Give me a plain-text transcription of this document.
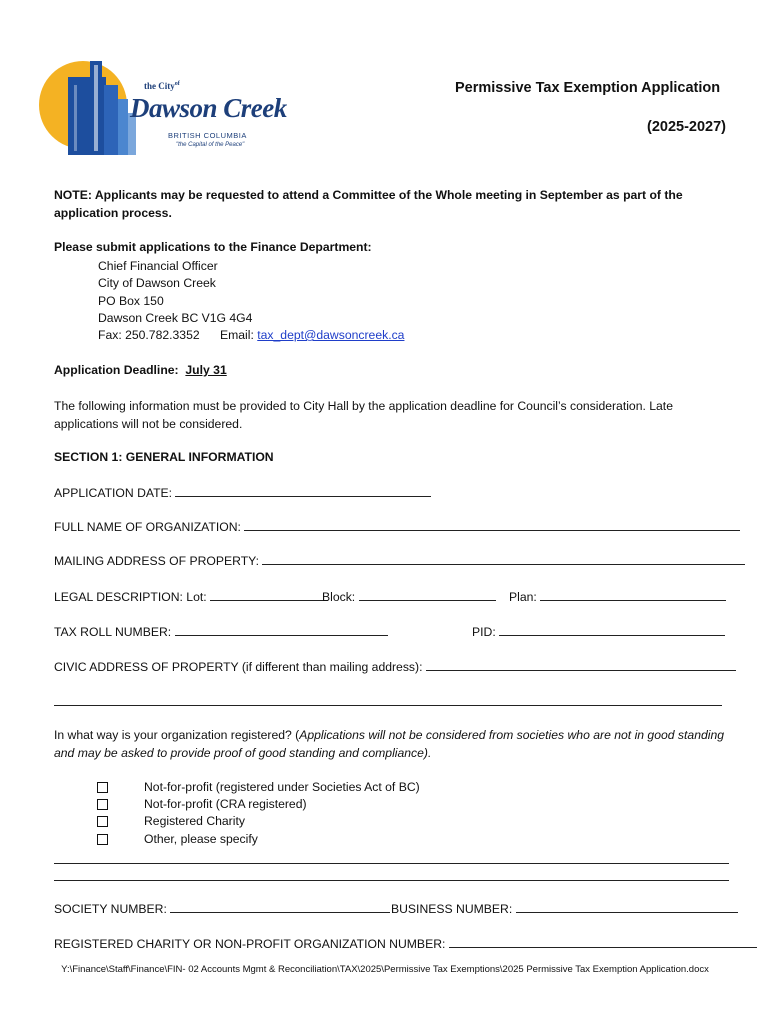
the City$^{of}$
Dawson Creek
BRITISH COLUMBIA
"the Capital of the Peace"
Permissive Tax Exemption Application
(2025-2027)
NOTE: Applicants may be requested to attend a Committee of the Whole meeting in September as part of the application process.
Please submit applications to the Finance Department:
Chief Financial Officer
City of Dawson Creek
PO Box 150
Dawson Creek BC V1G 4G4
Fax: 250.782.3352 Email: tax_dept@dawsoncreek.ca
Application Deadline: July 31
The following information must be provided to City Hall by the application deadline for Council’s consideration. Late applications will not be considered.
SECTION 1: GENERAL INFORMATION
APPLICATION DATE:
FULL NAME OF ORGANIZATION:
MAILING ADDRESS OF PROPERTY:
LEGAL DESCRIPTION: Lot:	Block:	Plan:
TAX ROLL NUMBER:	PID:
CIVIC ADDRESS OF PROPERTY (if different than mailing address):
In what way is your organization registered? (Applications will not be considered from societies who are not in good standing and may be asked to provide proof of good standing and compliance).
Not-for-profit (registered under Societies Act of BC)
Not-for-profit (CRA registered)
Registered Charity
Other, please specify
SOCIETY NUMBER:	BUSINESS NUMBER:
REGISTERED CHARITY OR NON-PROFIT ORGANIZATION NUMBER:
Y:\Finance\Staff\Finance\FIN- 02 Accounts Mgmt & Reconciliation\TAX\2025\Permissive Tax Exemptions\2025 Permissive Tax Exemption Application.docx
